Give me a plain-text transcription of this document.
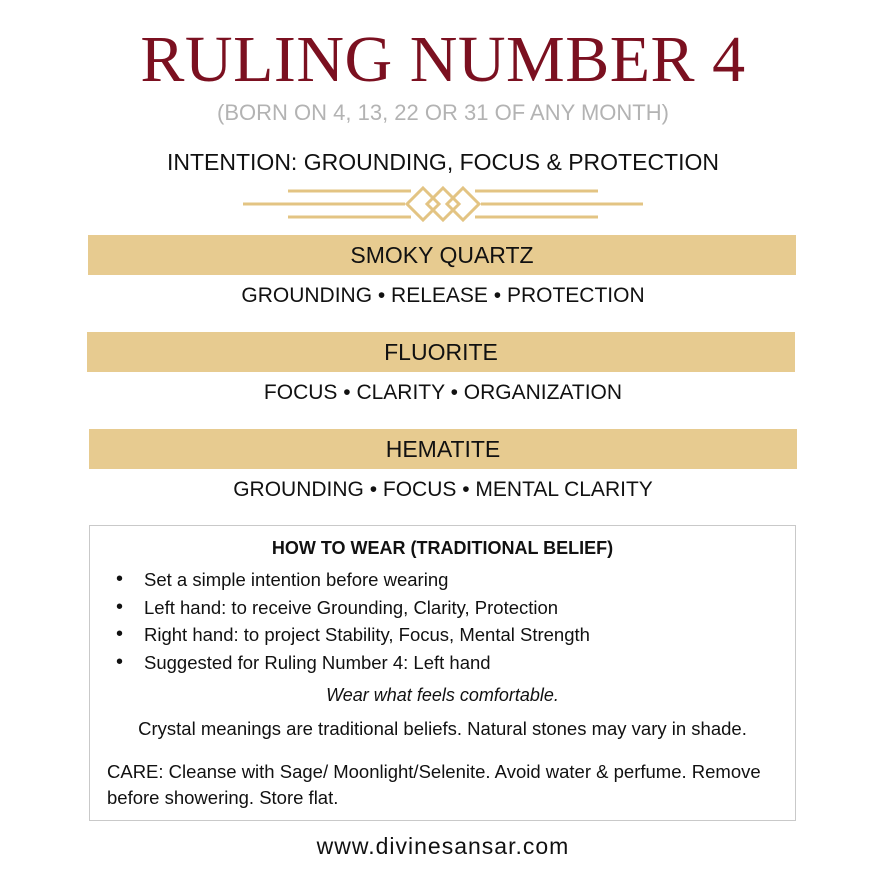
RULING NUMBER 4
(BORN ON 4, 13, 22 OR 31 OF ANY MONTH)
INTENTION: GROUNDING, FOCUS & PROTECTION
SMOKY QUARTZ
GROUNDING • RELEASE • PROTECTION
FLUORITE
FOCUS • CLARITY • ORGANIZATION
HEMATITE
GROUNDING • FOCUS • MENTAL CLARITY
HOW TO WEAR (TRADITIONAL BELIEF)
• Set a simple intention before wearing
• Left hand: to receive Grounding, Clarity, Protection
• Right hand: to project Stability, Focus, Mental Strength
• Suggested for Ruling Number 4: Left hand
Wear what feels comfortable.
Crystal meanings are traditional beliefs. Natural stones may vary in shade.
CARE: Cleanse with Sage/ Moonlight/Selenite. Avoid water & perfume. Remove before showering. Store flat.
www.divinesansar.com
